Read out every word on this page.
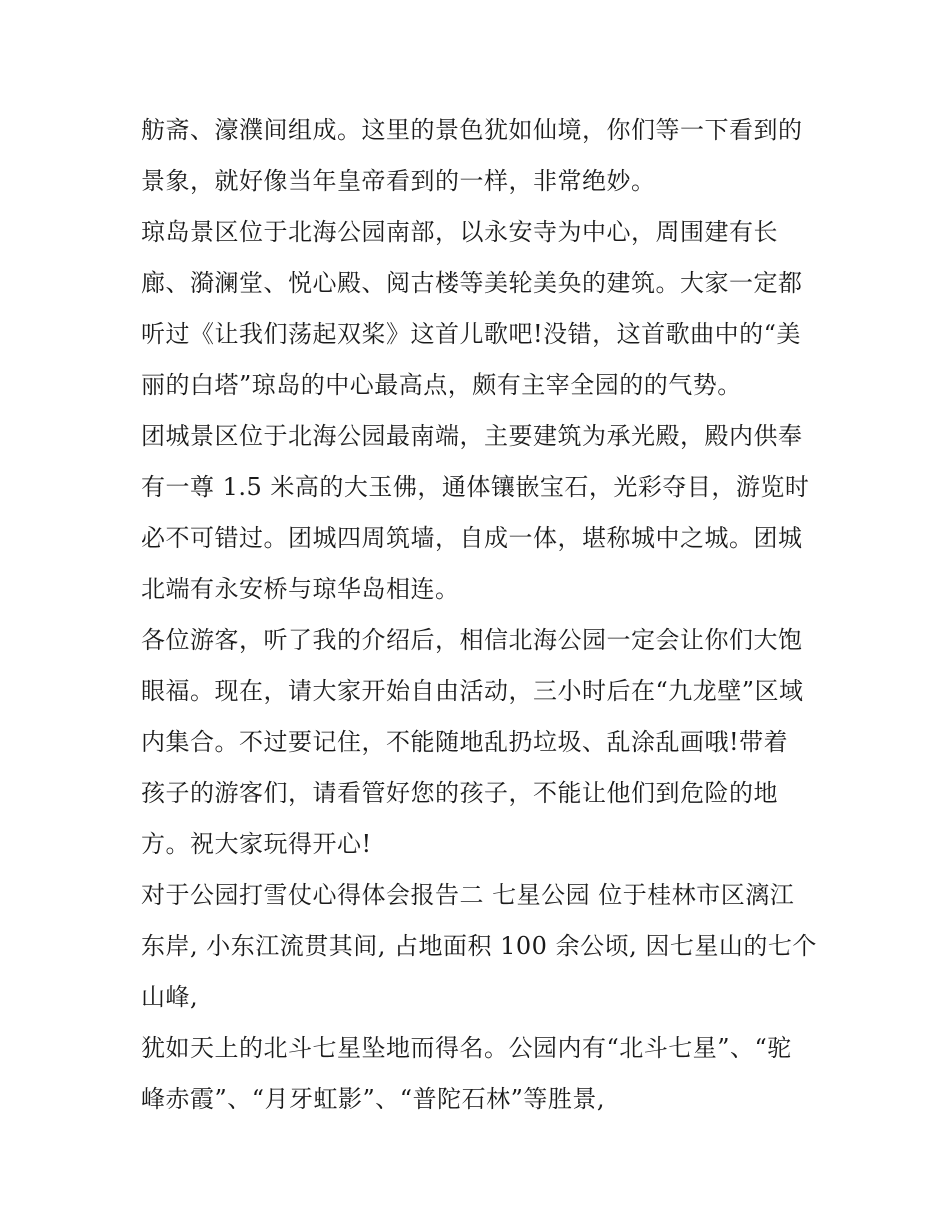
舫斋、濠濮间组成。这里的景色犹如仙境，你们等一下看到的
景象，就好像当年皇帝看到的一样，非常绝妙。
琼岛景区位于北海公园南部，以永安寺为中心，周围建有长
廊、漪澜堂、悦心殿、阅古楼等美轮美奂的建筑。大家一定都
听过《让我们荡起双桨》这首儿歌吧!没错，这首歌曲中的“美
丽的白塔”琼岛的中心最高点，颇有主宰全园的的气势。
团城景区位于北海公园最南端，主要建筑为承光殿，殿内供奉
有一尊 1.5 米高的大玉佛，通体镶嵌宝石，光彩夺目，游览时
必不可错过。团城四周筑墙，自成一体，堪称城中之城。团城
北端有永安桥与琼华岛相连。
各位游客，听了我的介绍后，相信北海公园一定会让你们大饱
眼福。现在，请大家开始自由活动，三小时后在“九龙壁”区域
内集合。不过要记住，不能随地乱扔垃圾、乱涂乱画哦!带着
孩子的游客们，请看管好您的孩子，不能让他们到危险的地
方。祝大家玩得开心!
对于公园打雪仗心得体会报告二 七星公园 位于桂林市区漓江
东岸, 小东江流贯其间, 占地面积 100 余公顷, 因七星山的七个
山峰,
犹如天上的北斗七星坠地而得名。公园内有“北斗七星”、“驼
峰赤霞”、“月牙虹影”、“普陀石林”等胜景,
